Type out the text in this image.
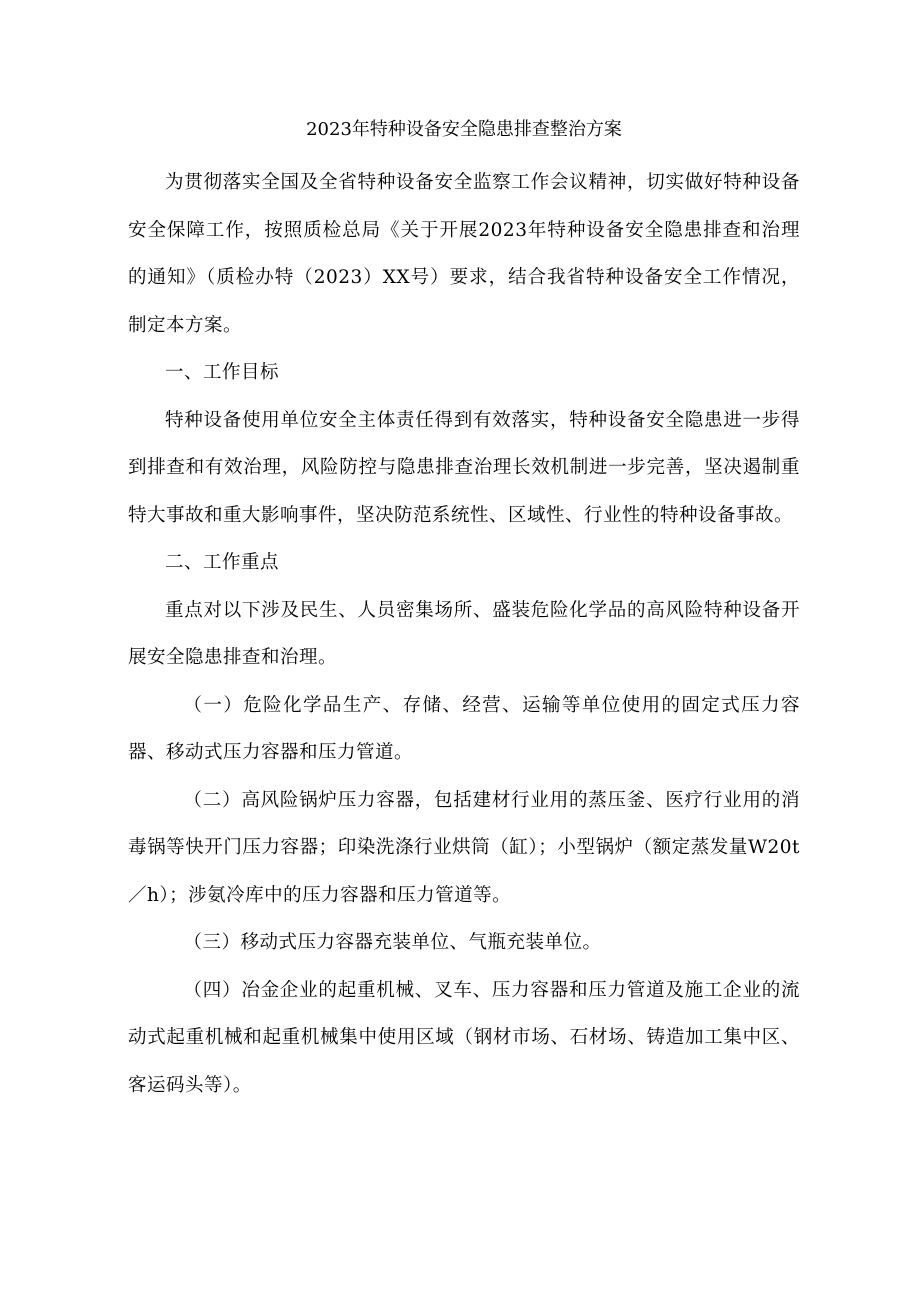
2023年特种设备安全隐患排查整治方案

为贯彻落实全国及全省特种设备安全监察工作会议精神，切实做好特种设备安全保障工作，按照质检总局《关于开展2023年特种设备安全隐患排查和治理的通知》（质检办特（2023）XX号）要求，结合我省特种设备安全工作情况，制定本方案。

一、工作目标

特种设备使用单位安全主体责任得到有效落实，特种设备安全隐患进一步得到排查和有效治理，风险防控与隐患排查治理长效机制进一步完善，坚决遏制重特大事故和重大影响事件，坚决防范系统性、区域性、行业性的特种设备事故。

二、工作重点

重点对以下涉及民生、人员密集场所、盛装危险化学品的高风险特种设备开展安全隐患排查和治理。

（一）危险化学品生产、存储、经营、运输等单位使用的固定式压力容器、移动式压力容器和压力管道。

（二）高风险锅炉压力容器，包括建材行业用的蒸压釜、医疗行业用的消毒锅等快开门压力容器；印染洗涤行业烘筒（缸）；小型锅炉（额定蒸发量W20t／h）；涉氨冷库中的压力容器和压力管道等。

（三）移动式压力容器充装单位、气瓶充装单位。

（四）冶金企业的起重机械、叉车、压力容器和压力管道及施工企业的流动式起重机械和起重机械集中使用区域（钢材市场、石材场、铸造加工集中区、客运码头等）。
